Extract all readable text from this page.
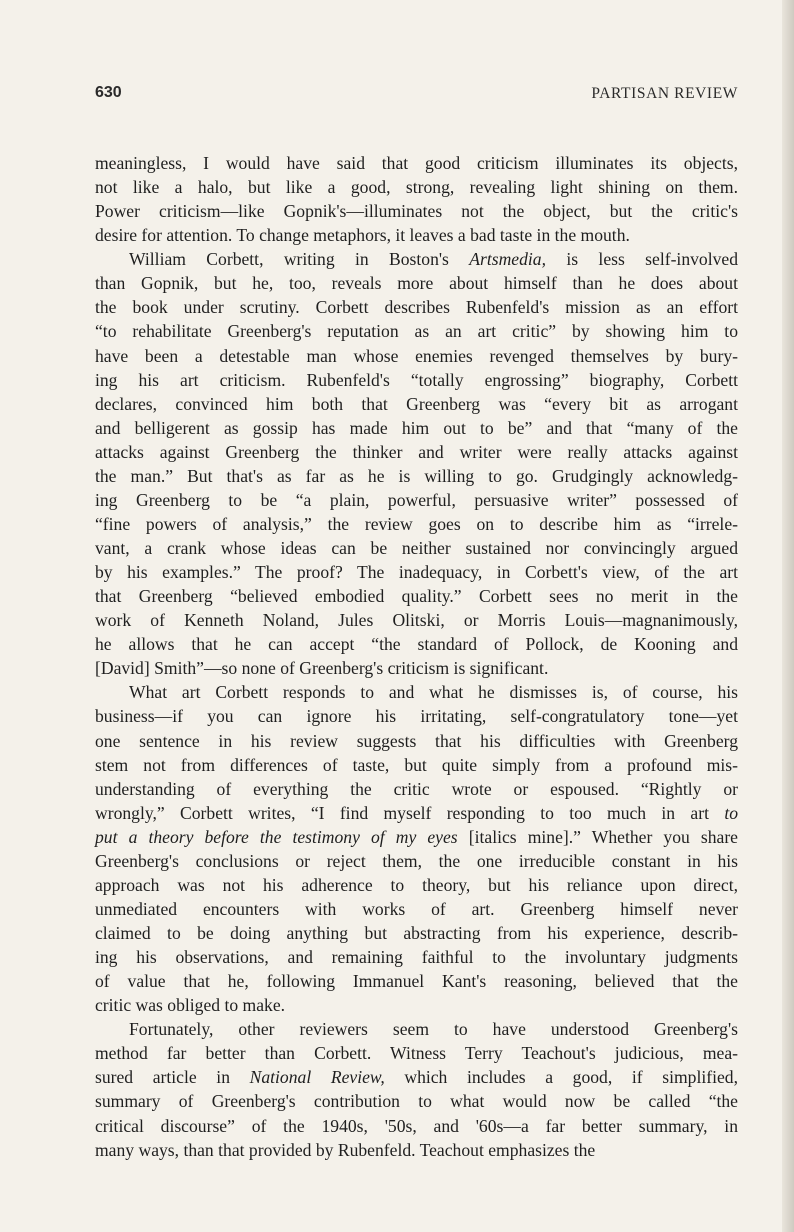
630	PARTISAN REVIEW
meaningless, I would have said that good criticism illuminates its objects,
not like a halo, but like a good, strong, revealing light shining on them.
Power criticism—like Gopnik's—illuminates not the object, but the critic's
desire for attention. To change metaphors, it leaves a bad taste in the mouth.
William Corbett, writing in Boston's Artsmedia, is less self-involved
than Gopnik, but he, too, reveals more about himself than he does about
the book under scrutiny. Corbett describes Rubenfeld's mission as an effort
“to rehabilitate Greenberg's reputation as an art critic” by showing him to
have been a detestable man whose enemies revenged themselves by bury-
ing his art criticism. Rubenfeld's “totally engrossing” biography, Corbett
declares, convinced him both that Greenberg was “every bit as arrogant
and belligerent as gossip has made him out to be” and that “many of the
attacks against Greenberg the thinker and writer were really attacks against
the man.” But that's as far as he is willing to go. Grudgingly acknowledg-
ing Greenberg to be “a plain, powerful, persuasive writer” possessed of
“fine powers of analysis,” the review goes on to describe him as “irrele-
vant, a crank whose ideas can be neither sustained nor convincingly argued
by his examples.” The proof? The inadequacy, in Corbett's view, of the art
that Greenberg “believed embodied quality.” Corbett sees no merit in the
work of Kenneth Noland, Jules Olitski, or Morris Louis—magnanimously,
he allows that he can accept “the standard of Pollock, de Kooning and
[David] Smith”—so none of Greenberg's criticism is significant.
What art Corbett responds to and what he dismisses is, of course, his
business—if you can ignore his irritating, self-congratulatory tone—yet
one sentence in his review suggests that his difficulties with Greenberg
stem not from differences of taste, but quite simply from a profound mis-
understanding of everything the critic wrote or espoused. “Rightly or
wrongly,” Corbett writes, “I find myself responding to too much in art to
put a theory before the testimony of my eyes [italics mine].” Whether you share
Greenberg's conclusions or reject them, the one irreducible constant in his
approach was not his adherence to theory, but his reliance upon direct,
unmediated encounters with works of art. Greenberg himself never
claimed to be doing anything but abstracting from his experience, describ-
ing his observations, and remaining faithful to the involuntary judgments
of value that he, following Immanuel Kant's reasoning, believed that the
critic was obliged to make.
Fortunately, other reviewers seem to have understood Greenberg's
method far better than Corbett. Witness Terry Teachout's judicious, mea-
sured article in National Review, which includes a good, if simplified,
summary of Greenberg's contribution to what would now be called “the
critical discourse” of the 1940s, '50s, and '60s—a far better summary, in
many ways, than that provided by Rubenfeld. Teachout emphasizes the
